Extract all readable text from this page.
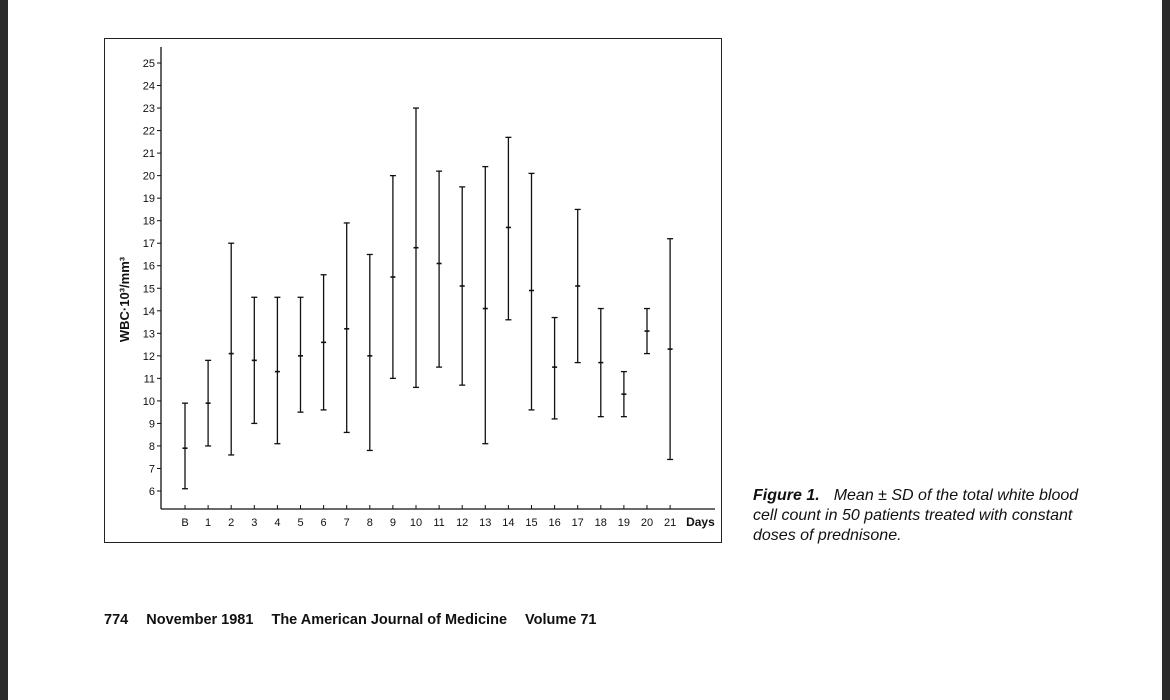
6
7
8
9
10
11
12
13
14
15
16
17
18
19
20
21
22
23
24
25
WBC·10³/mm³
B 1 2 3 4 5 6 7 8 9 10 11 12 13 14 15 16 17 18 19 20 21 Days
Figure 1. Mean ± SD of the total white blood cell count in 50 patients treated with constant doses of prednisone.
774 November 1981 The American Journal of Medicine Volume 71
